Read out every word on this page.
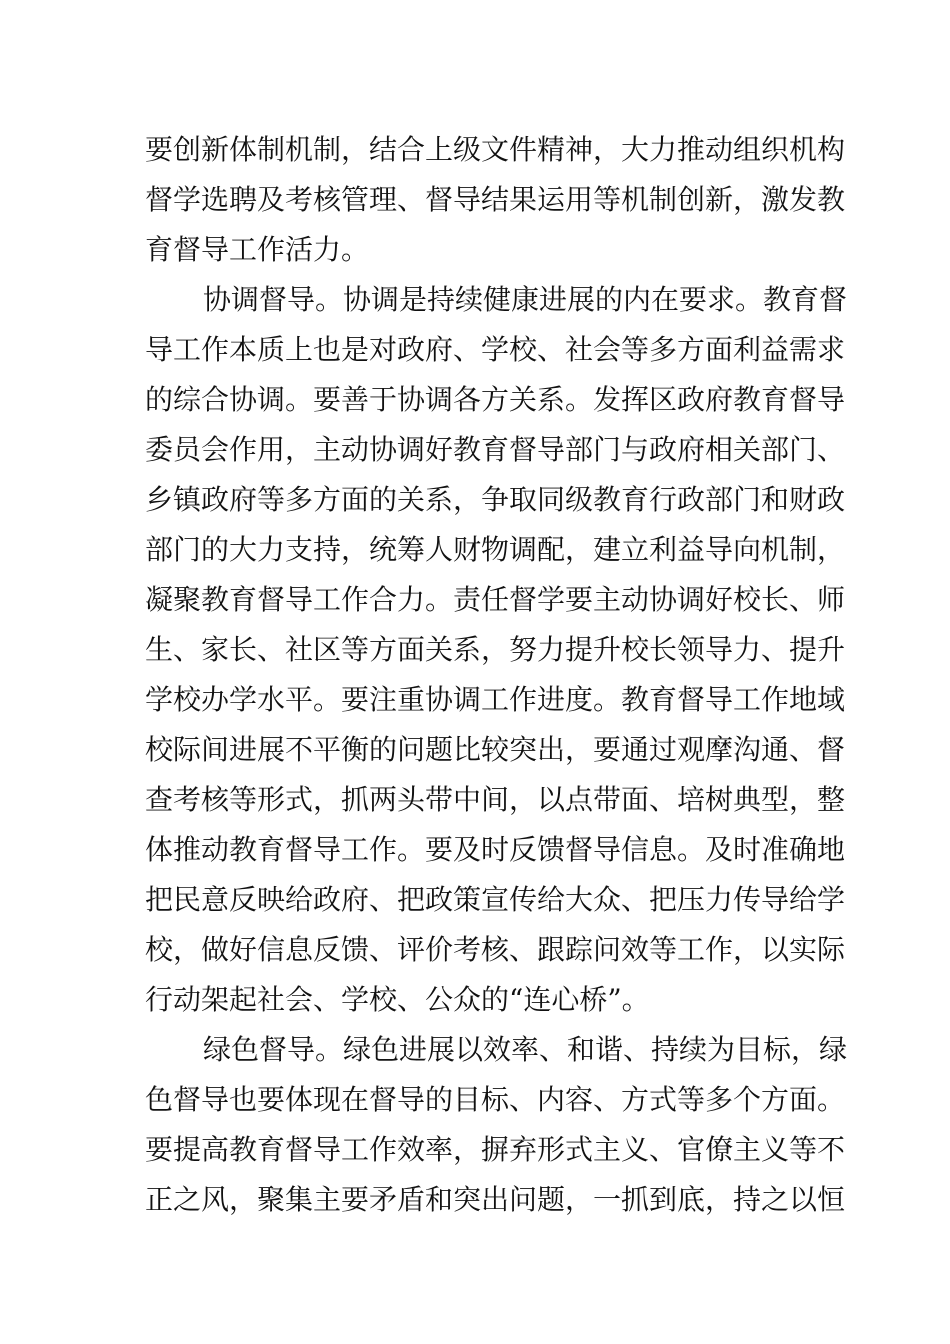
要创新体制机制，结合上级文件精神，大力推动组织机构
督学选聘及考核管理、督导结果运用等机制创新，激发教
育督导工作活力。
协调督导。协调是持续健康进展的内在要求。教育督
导工作本质上也是对政府、学校、社会等多方面利益需求
的综合协调。要善于协调各方关系。发挥区政府教育督导
委员会作用，主动协调好教育督导部门与政府相关部门、
乡镇政府等多方面的关系，争取同级教育行政部门和财政
部门的大力支持，统筹人财物调配，建立利益导向机制，
凝聚教育督导工作合力。责任督学要主动协调好校长、师
生、家长、社区等方面关系，努力提升校长领导力、提升
学校办学水平。要注重协调工作进度。教育督导工作地域
校际间进展不平衡的问题比较突出，要通过观摩沟通、督
查考核等形式，抓两头带中间，以点带面、培树典型，整
体推动教育督导工作。要及时反馈督导信息。及时准确地
把民意反映给政府、把政策宣传给大众、把压力传导给学
校，做好信息反馈、评价考核、跟踪问效等工作，以实际
行动架起社会、学校、公众的“连心桥”。
绿色督导。绿色进展以效率、和谐、持续为目标，绿
色督导也要体现在督导的目标、内容、方式等多个方面。
要提高教育督导工作效率，摒弃形式主义、官僚主义等不
正之风，聚集主要矛盾和突出问题，一抓到底，持之以恒
